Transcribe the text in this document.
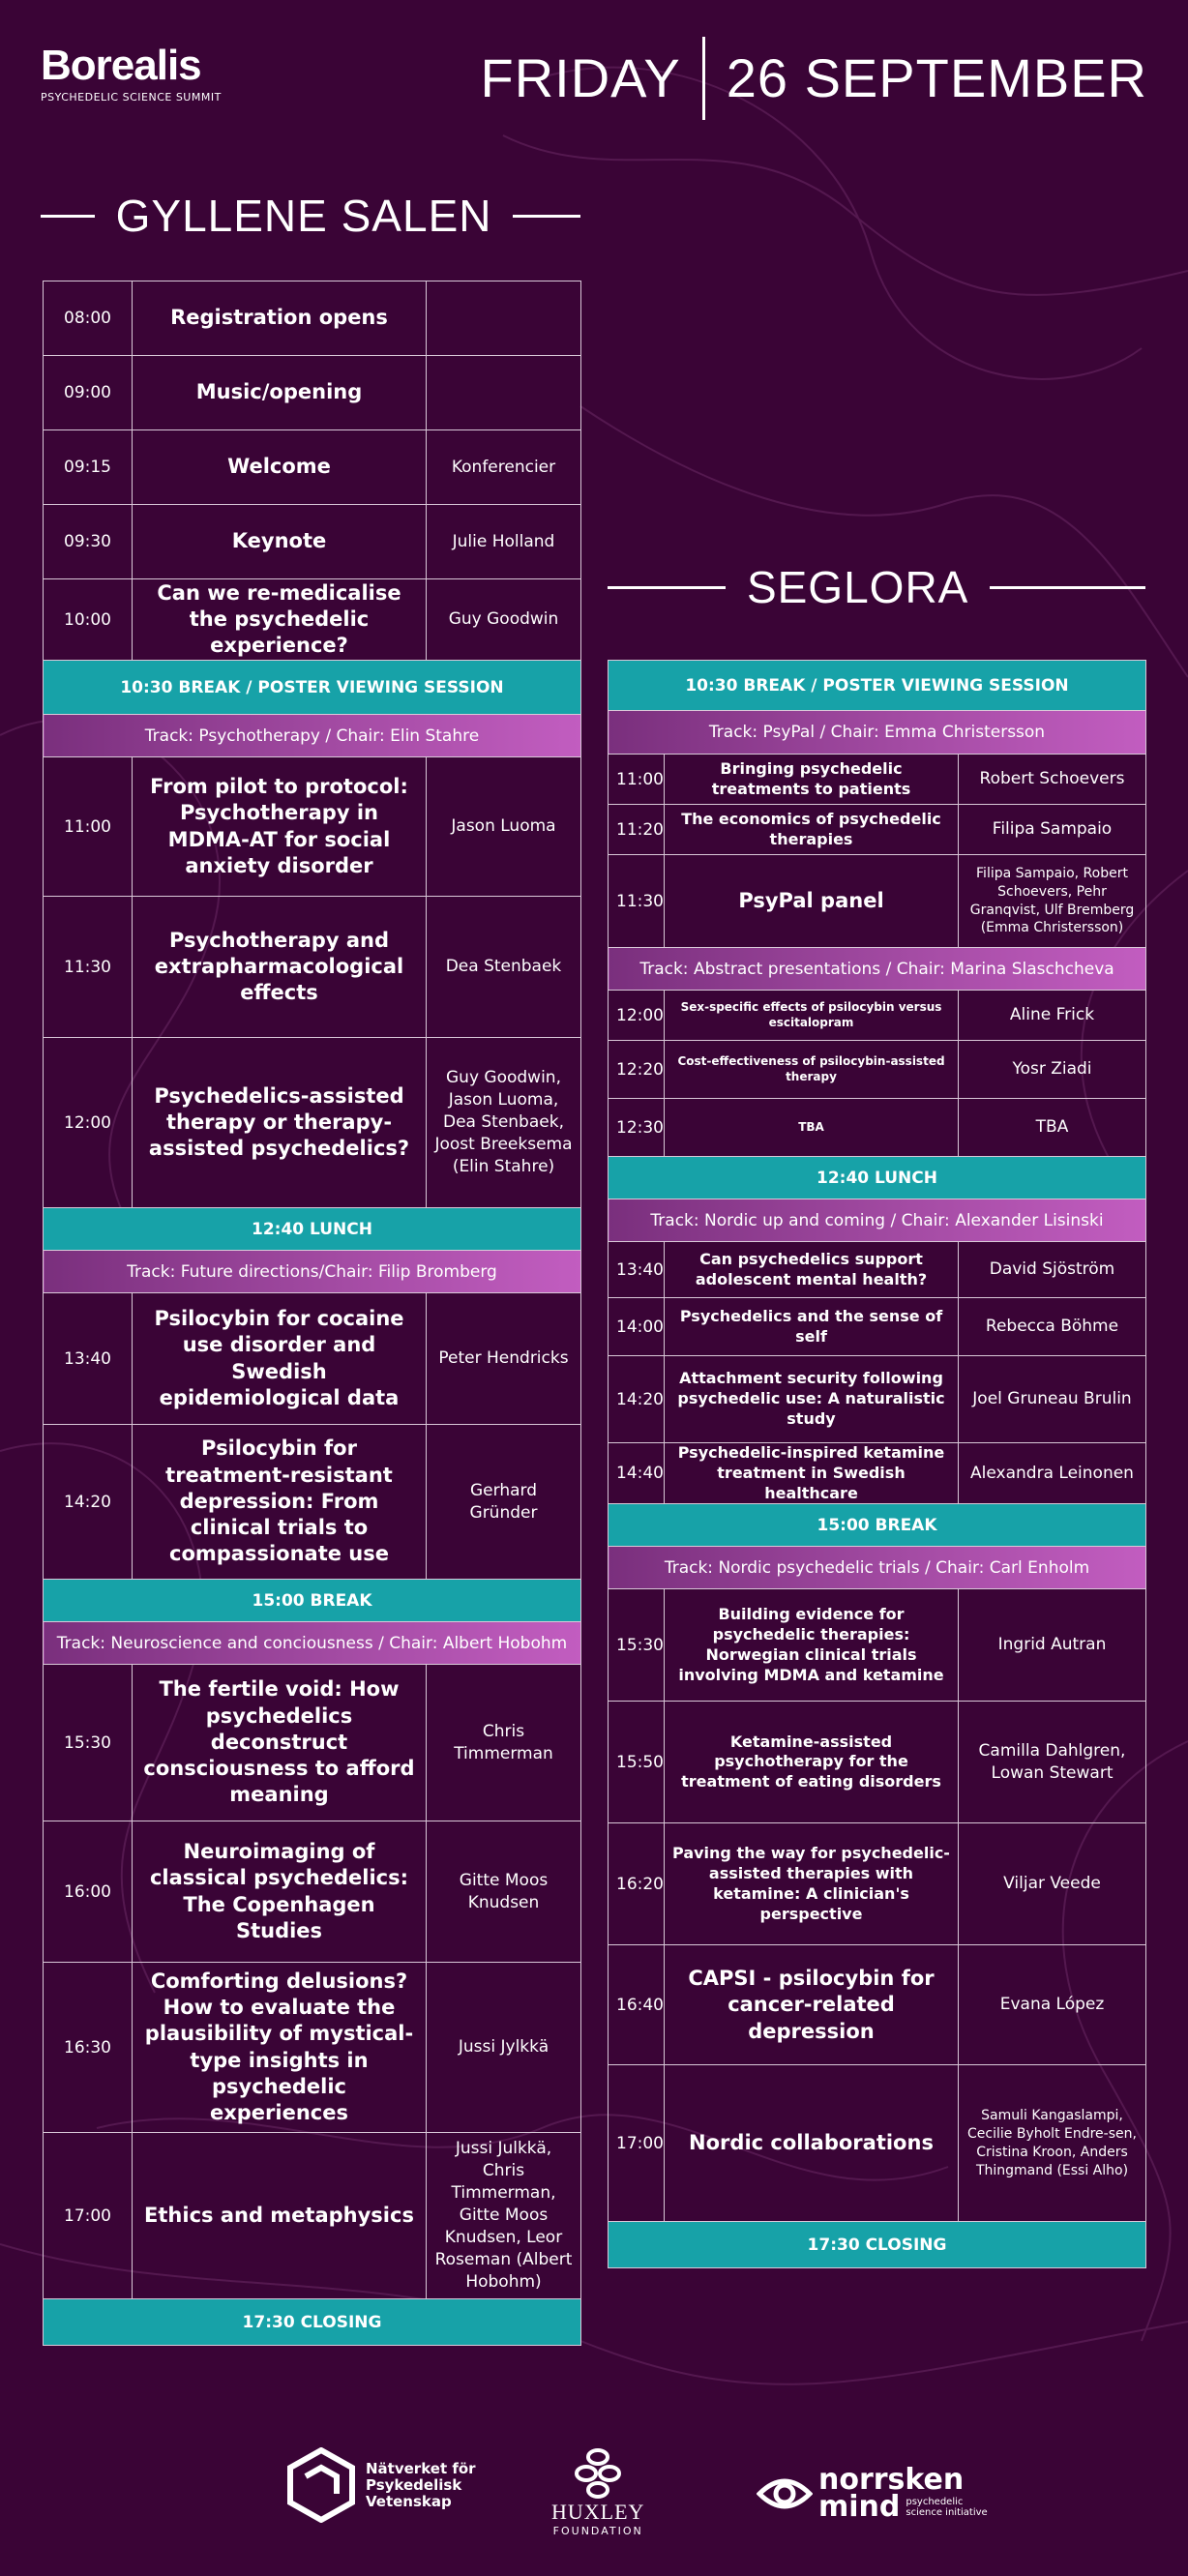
Borealis
PSYCHEDELIC SCIENCE SUMMIT	FRIDAY 26 SEPTEMBER
GYLLENE SALEN
SEGLORA
08:00	Registration opens	
09:00	Music/opening	
09:15	Welcome	Konferencier
09:30	Keynote	Julie Holland
10:00	Can we re-medicalise the psychedelic experience?	Guy Goodwin
10:30 BREAK / POSTER VIEWING SESSION		
Track: Psychotherapy / Chair: Elin Stahre		
11:00	From pilot to protocol: Psychotherapy in MDMA-AT for social anxiety disorder	Jason Luoma
11:30	Psychotherapy and extrapharmacological effects	Dea Stenbaek
12:00	Psychedelics-assisted therapy or therapy-assisted psychedelics?	Guy Goodwin, Jason Luoma, Dea Stenbaek, Joost Breeksema (Elin Stahre)
12:40 LUNCH		
Track: Future directions/Chair: Filip Bromberg		
13:40	Psilocybin for cocaine use disorder and Swedish epidemiological data	Peter Hendricks
14:20	Psilocybin for treatment-resistant depression: From clinical trials to compassionate use	Gerhard Gründer
15:00 BREAK		
Track: Neuroscience and conciousness / Chair: Albert Hobohm		
15:30	The fertile void: How psychedelics deconstruct consciousness to afford meaning	Chris Timmerman
16:00	Neuroimaging of classical psychedelics: The Copenhagen Studies	Gitte Moos Knudsen
16:30	Comforting delusions? How to evaluate the plausibility of mystical-type insights in psychedelic experiences	Jussi Jylkkä
17:00	Ethics and metaphysics	Jussi Julkkä, Chris Timmerman, Gitte Moos Knudsen, Leor Roseman (Albert Hobohm)
17:30 CLOSING		
10:30 BREAK / POSTER VIEWING SESSION		
Track: PsyPal / Chair: Emma Christersson		
11:00	Bringing psychedelic treatments to patients	Robert Schoevers
11:20	The economics of psychedelic therapies	Filipa Sampaio
11:30	PsyPal panel	Filipa Sampaio, Robert Schoevers, Pehr Granqvist, Ulf Bremberg (Emma Christersson)
Track: Abstract presentations / Chair: Marina Slaschcheva		
12:00	Sex-specific effects of psilocybin versus escitalopram	Aline Frick
12:20	Cost-effectiveness of psilocybin-assisted therapy	Yosr Ziadi
12:30	TBA	TBA
12:40 LUNCH		
Track: Nordic up and coming / Chair: Alexander Lisinski		
13:40	Can psychedelics support adolescent mental health?	David Sjöström
14:00	Psychedelics and the sense of self	Rebecca Böhme
14:20	Attachment security following psychedelic use: A naturalistic study	Joel Gruneau Brulin
14:40	Psychedelic-inspired ketamine treatment in Swedish healthcare	Alexandra Leinonen
15:00 BREAK		
Track: Nordic psychedelic trials / Chair: Carl Enholm		
15:30	Building evidence for psychedelic therapies: Norwegian clinical trials involving MDMA and ketamine	Ingrid Autran
15:50	Ketamine-assisted psychotherapy for the treatment of eating disorders	Camilla Dahlgren, Lowan Stewart
16:20	Paving the way for psychedelic-assisted therapies with ketamine: A clinician's perspective	Viljar Veede
16:40	CAPSI - psilocybin for cancer-related depression	Evana López
17:00	Nordic collaborations	Samuli Kangaslampi, Cecilie Byholt Endre-sen, Cristina Kroon, Anders Thingmand (Essi Alho)
17:30 CLOSING		
Nätverket för
Psykedelisk
Vetenskap	HUXLEY
FOUNDATION
norrsken
mind psychedelic
science initiative
